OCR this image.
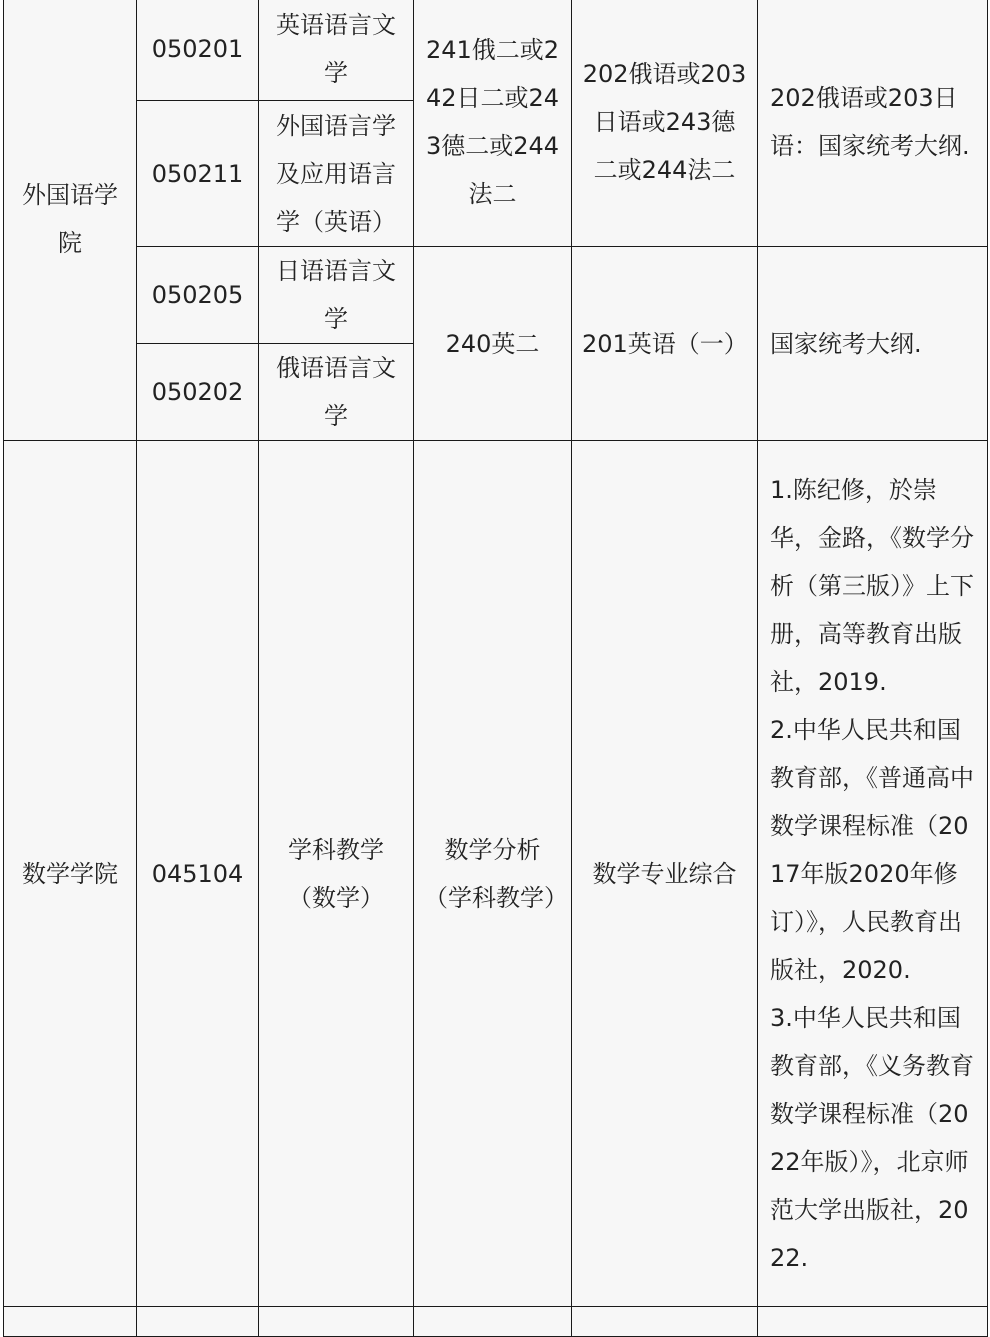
外国语学院	050201	英语语言文学	241俄二或242日二或243德二或244法二	202俄语或203日语或243德二或244法二	202俄语或203日语：国家统考大纲.
	050211	外国语言学及应用语言学（英语）			
	050205	日语语言文学	240英二	201英语（一）	国家统考大纲.
	050202	俄语语言文学			
数学学院	045104	学科教学（数学）	数学分析（学科教学）	数学专业综合	1.陈纪修，於崇华，金路，《数学分析（第三版）》上下册，高等教育出版社，2019.
2.中华人民共和国教育部，《普通高中数学课程标准（2017年版2020年修订）》，人民教育出版社，2020.
3.中华人民共和国教育部，《义务教育数学课程标准（2022年版）》，北京师范大学出版社，2022.
